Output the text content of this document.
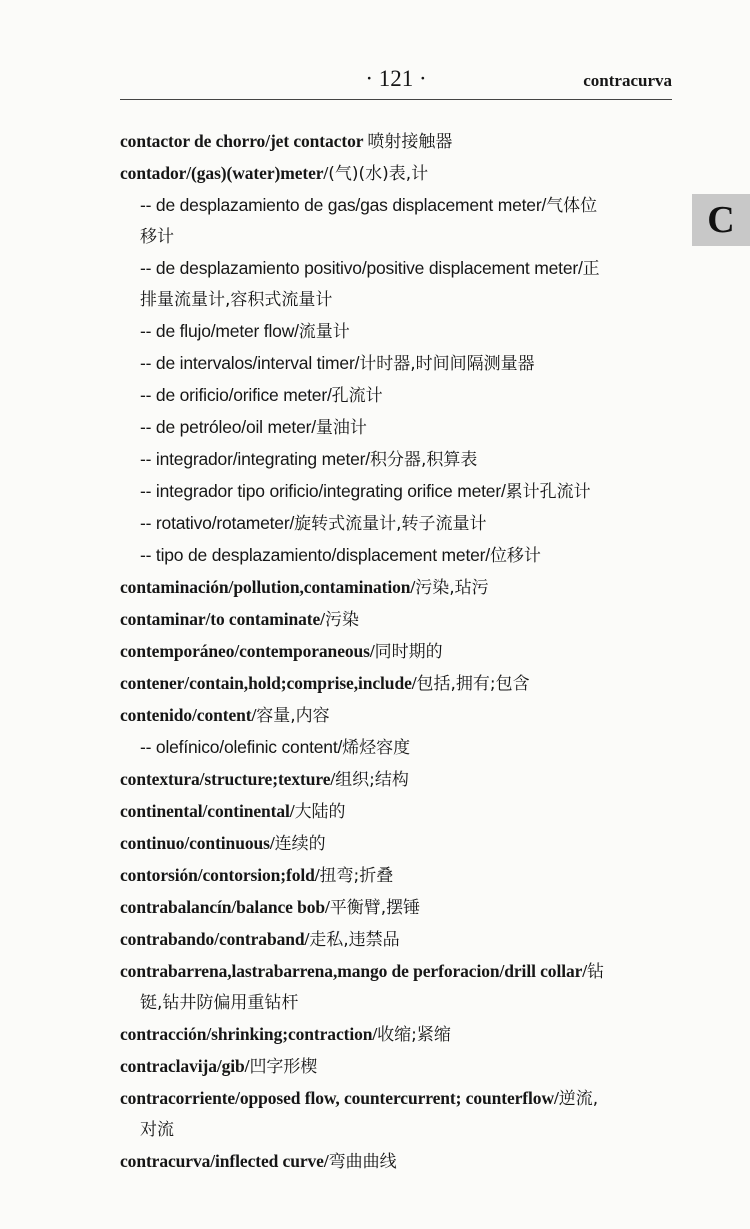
· 121 ·	contracurva
C
contactor de chorro/jet contactor 喷射接触器
contador/(gas)(water)meter/(气)(水)表,计
-- de desplazamiento de gas/gas displacement meter/气体位
移计
-- de desplazamiento positivo/positive displacement meter/正
排量流量计,容积式流量计
-- de flujo/meter flow/流量计
-- de intervalos/interval timer/计时器,时间间隔测量器
-- de orificio/orifice meter/孔流计
-- de petróleo/oil meter/量油计
-- integrador/integrating meter/积分器,积算表
-- integrador tipo orificio/integrating orifice meter/累计孔流计
-- rotativo/rotameter/旋转式流量计,转子流量计
-- tipo de desplazamiento/displacement meter/位移计
contaminación/pollution,contamination/污染,玷污
contaminar/to contaminate/污染
contemporáneo/contemporaneous/同时期的
contener/contain,hold;comprise,include/包括,拥有;包含
contenido/content/容量,内容
-- olefínico/olefinic content/烯烃容度
contextura/structure;texture/组织;结构
continental/continental/大陆的
continuo/continuous/连续的
contorsión/contorsion;fold/扭弯;折叠
contrabalancín/balance bob/平衡臂,摆锤
contrabando/contraband/走私,违禁品
contrabarrena,lastrabarrena,mango de perforacion/drill collar/钻
铤,钻井防偏用重钻杆
contracción/shrinking;contraction/收缩;紧缩
contraclavija/gib/凹字形楔
contracorriente/opposed flow, countercurrent; counterflow/逆流,
对流
contracurva/inflected curve/弯曲曲线
